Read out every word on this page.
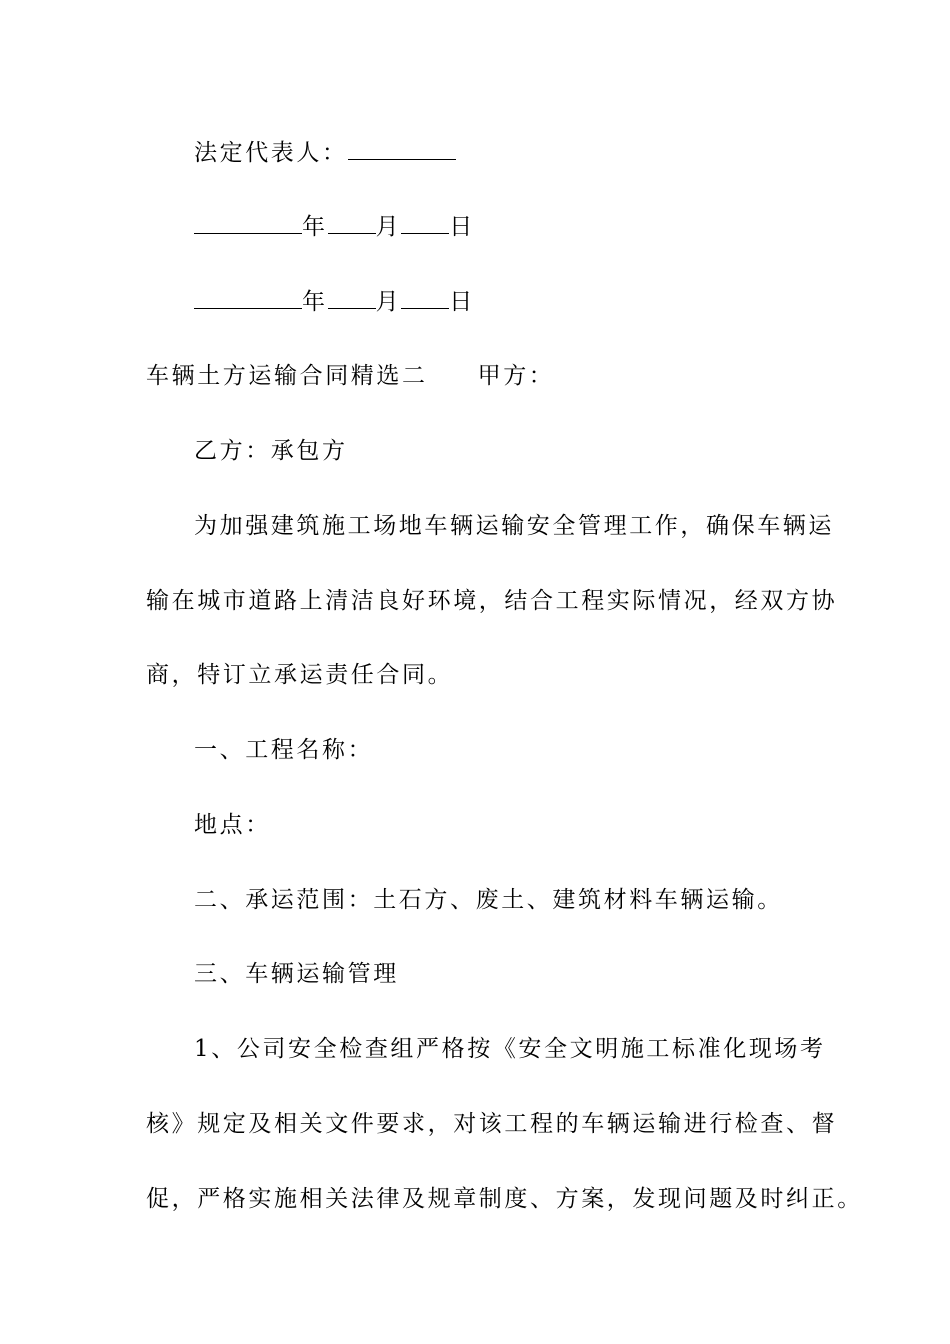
法定代表人：
年 月 日
年 月 日
车辆土方运输合同精选二 甲方：
乙方：承包方
为加强建筑施工场地车辆运输安全管理工作，确保车辆运
输在城市道路上清洁良好环境，结合工程实际情况，经双方协
商，特订立承运责任合同。
一、工程名称：
地点：
二、承运范围：土石方、废土、建筑材料车辆运输。
三、车辆运输管理
1、公司安全检查组严格按《安全文明施工标准化现场考
核》规定及相关文件要求，对该工程的车辆运输进行检查、督
促，严格实施相关法律及规章制度、方案，发现问题及时纠正。
